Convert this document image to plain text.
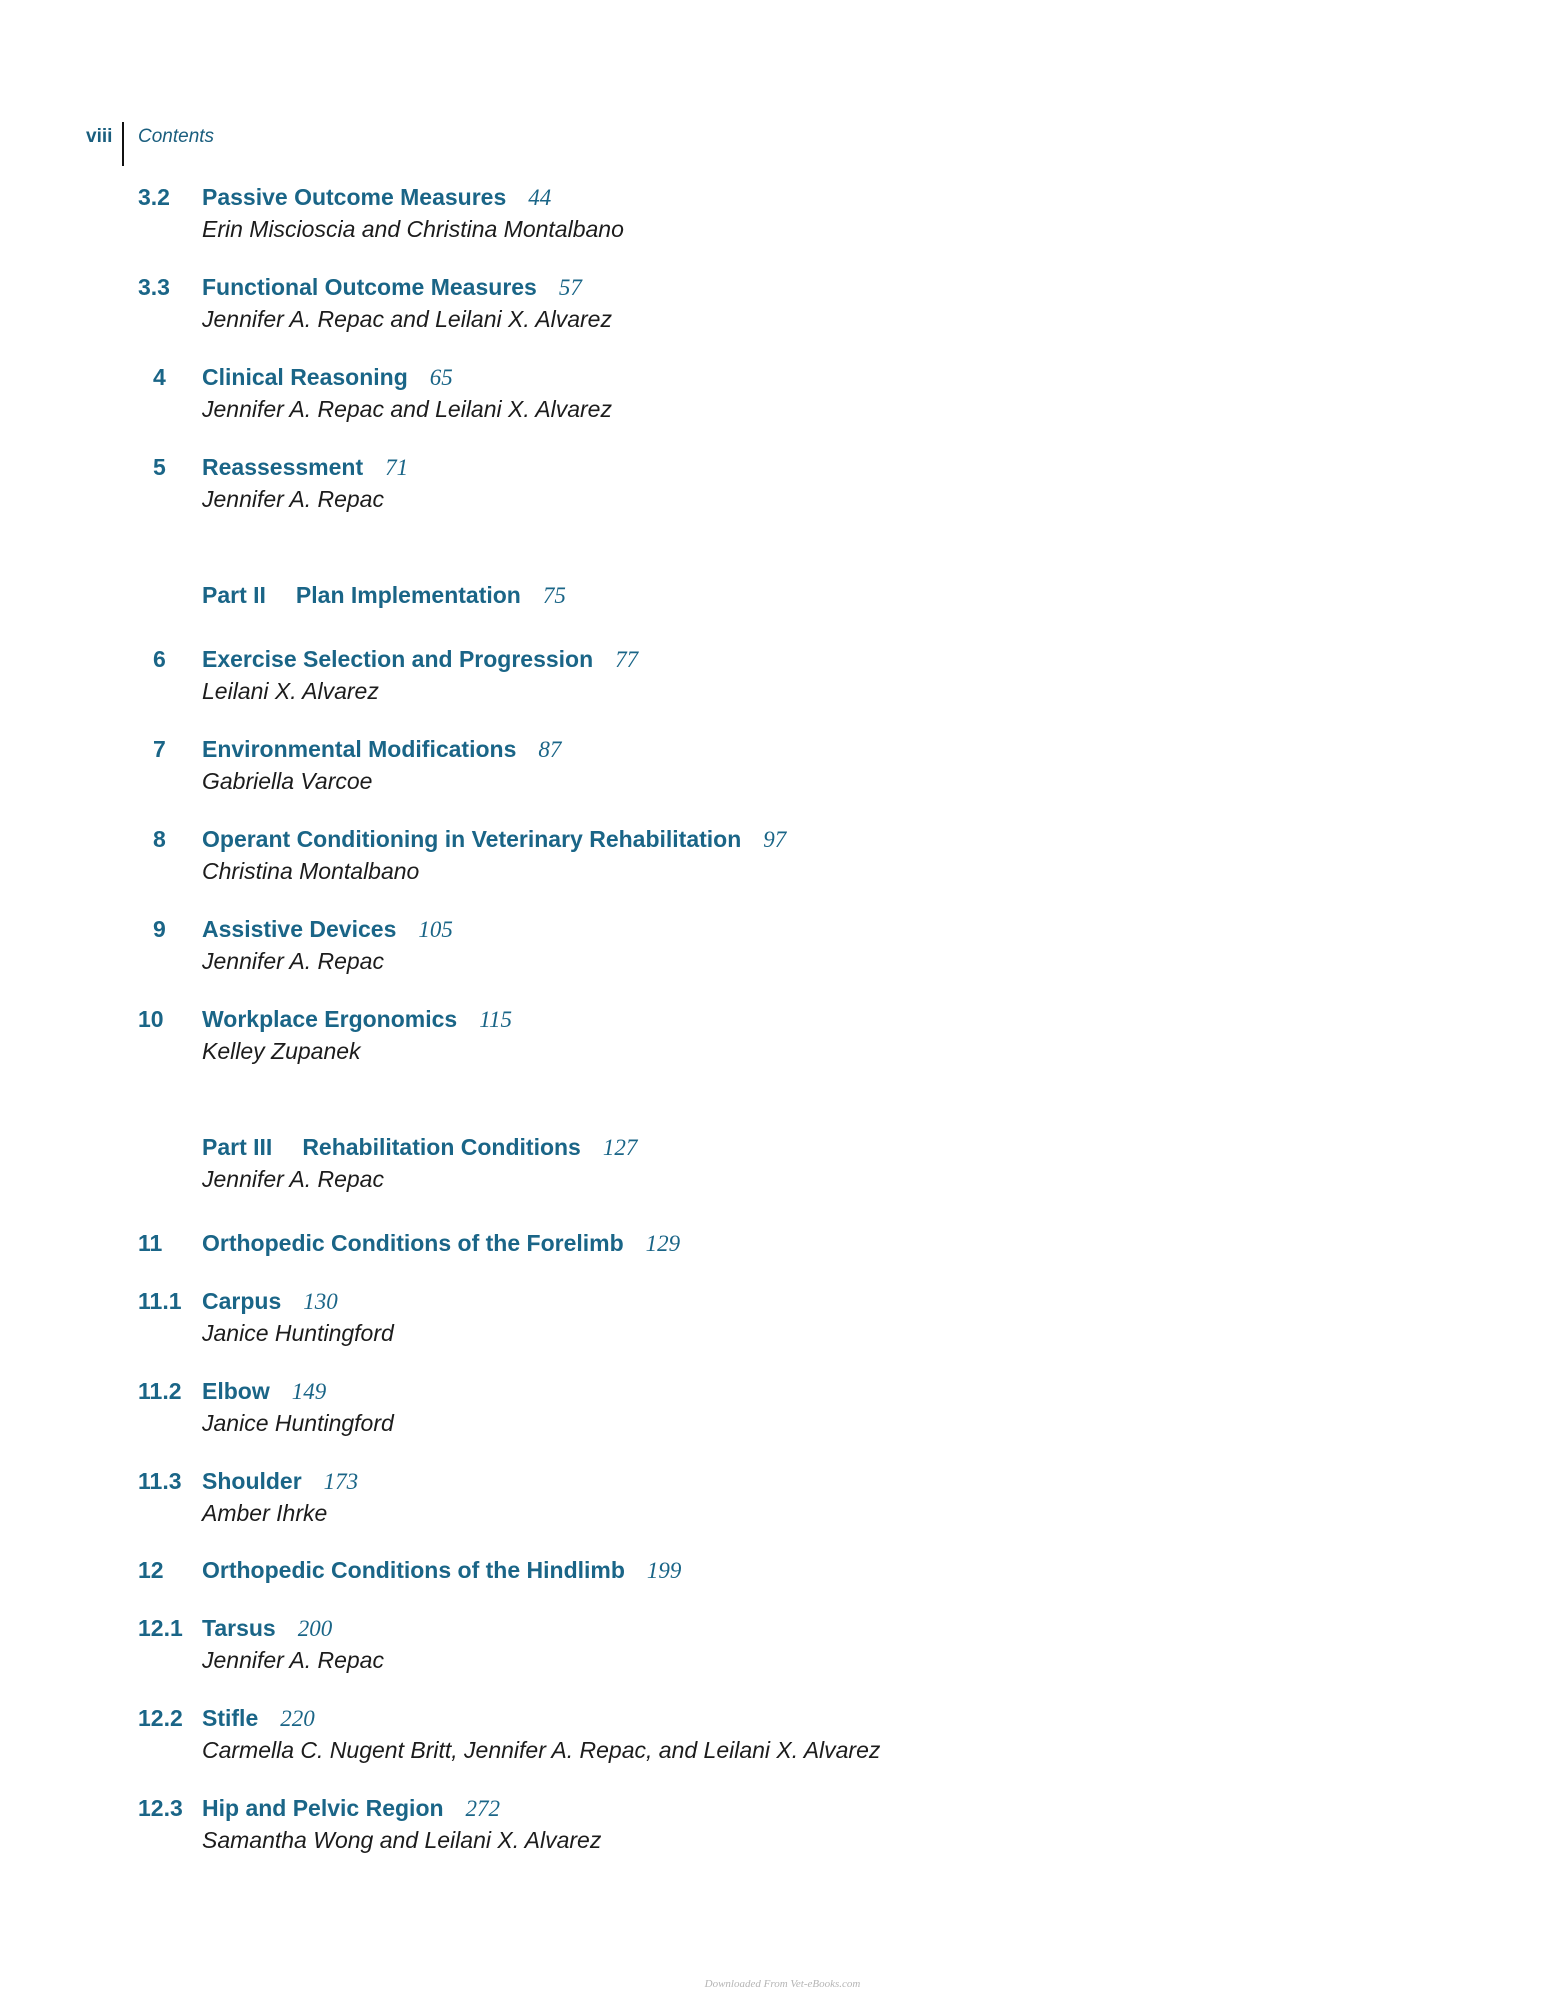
viii Contents
3.2 Passive Outcome Measures 44
Erin Miscioscia and Christina Montalbano
3.3 Functional Outcome Measures 57
Jennifer A. Repac and Leilani X. Alvarez
4 Clinical Reasoning 65
Jennifer A. Repac and Leilani X. Alvarez
5 Reassessment 71
Jennifer A. Repac
Part II Plan Implementation 75
6 Exercise Selection and Progression 77
Leilani X. Alvarez
7 Environmental Modifications 87
Gabriella Varcoe
8 Operant Conditioning in Veterinary Rehabilitation 97
Christina Montalbano
9 Assistive Devices 105
Jennifer A. Repac
10 Workplace Ergonomics 115
Kelley Zupanek
Part III Rehabilitation Conditions 127
Jennifer A. Repac
11 Orthopedic Conditions of the Forelimb 129
11.1 Carpus 130
Janice Huntingford
11.2 Elbow 149
Janice Huntingford
11.3 Shoulder 173
Amber Ihrke
12 Orthopedic Conditions of the Hindlimb 199
12.1 Tarsus 200
Jennifer A. Repac
12.2 Stifle 220
Carmella C. Nugent Britt, Jennifer A. Repac, and Leilani X. Alvarez
12.3 Hip and Pelvic Region 272
Samantha Wong and Leilani X. Alvarez
Downloaded From Vet-eBooks.com
